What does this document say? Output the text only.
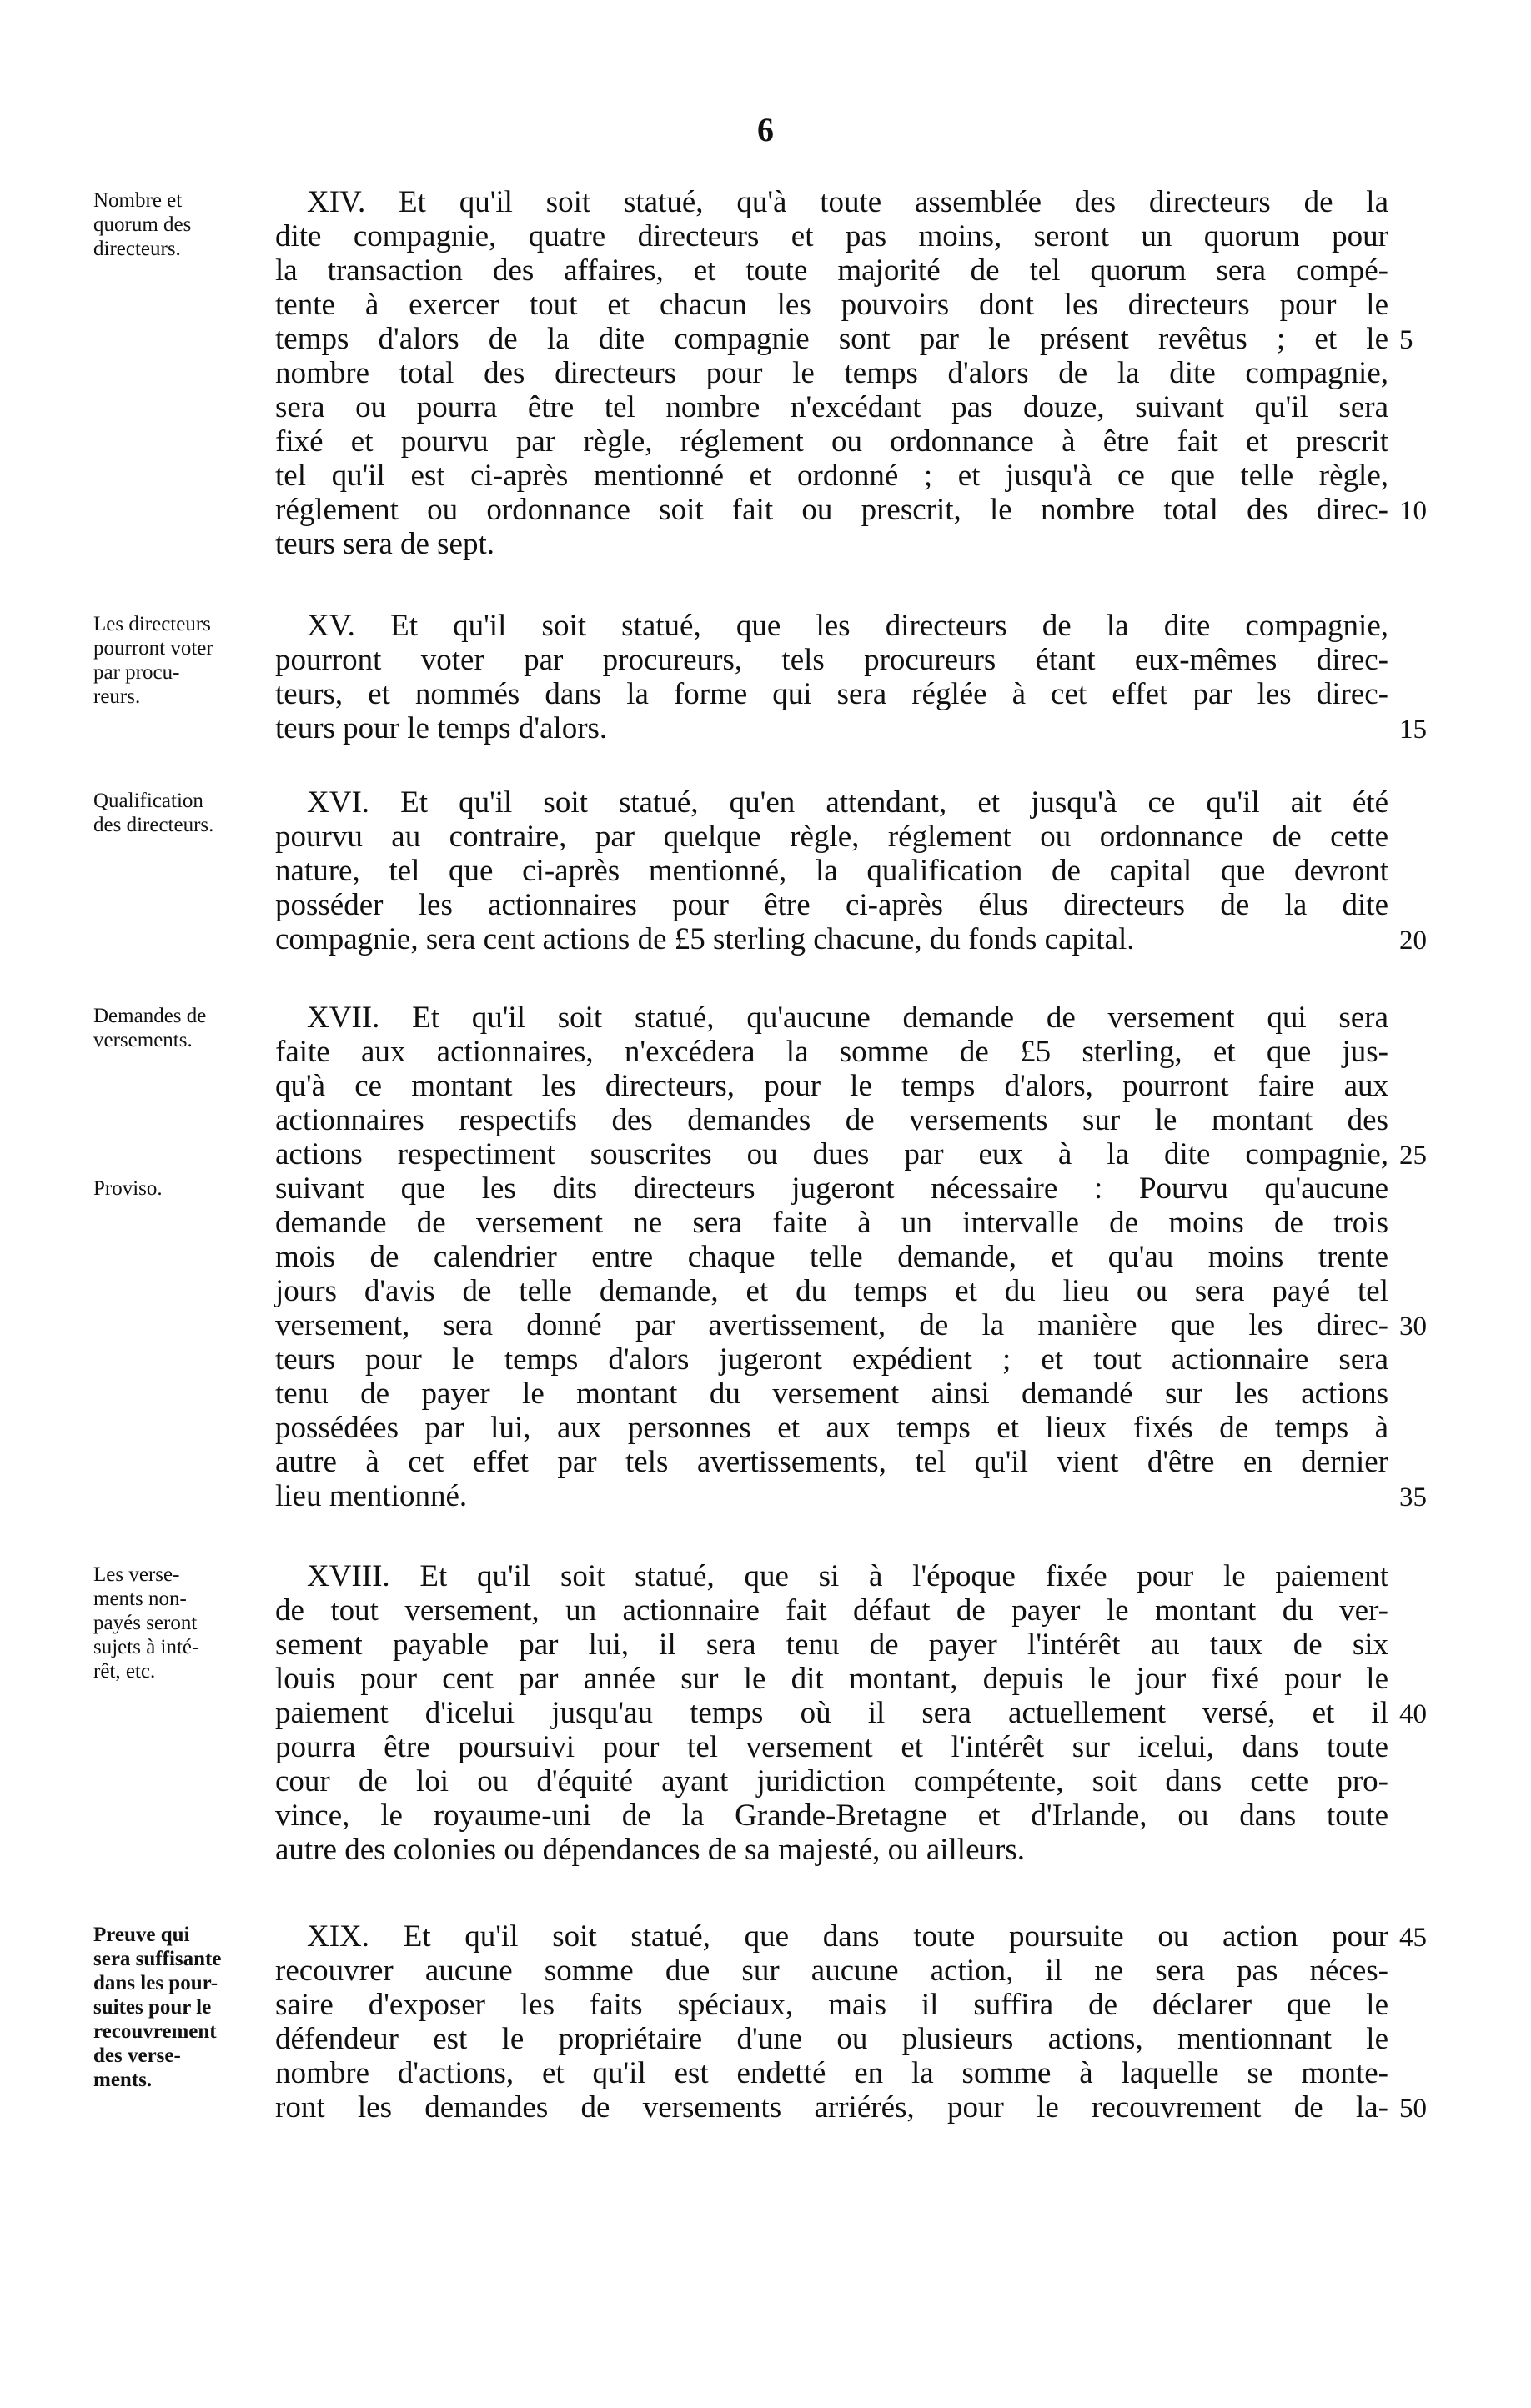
6
Nombre et
quorum des
directeurs.
XIV. Et qu'il soit statué, qu'à toute assemblée des directeurs de la
dite compagnie, quatre directeurs et pas moins, seront un quorum pour
la transaction des affaires, et toute majorité de tel quorum sera compé-
tente à exercer tout et chacun les pouvoirs dont les directeurs pour le
temps d'alors de la dite compagnie sont par le présent revêtus ; et le
nombre total des directeurs pour le temps d'alors de la dite compagnie,
sera ou pourra être tel nombre n'excédant pas douze, suivant qu'il sera
fixé et pourvu par règle, réglement ou ordonnance à être fait et prescrit
tel qu'il est ci-après mentionné et ordonné ; et jusqu'à ce que telle règle,
réglement ou ordonnance soit fait ou prescrit, le nombre total des direc-
teurs sera de sept.
5
10
Les directeurs
pourront voter
par procu-
reurs.
XV. Et qu'il soit statué, que les directeurs de la dite compagnie,
pourront voter par procureurs, tels procureurs étant eux-mêmes direc-
teurs, et nommés dans la forme qui sera réglée à cet effet par les direc-
teurs pour le temps d'alors.	15
Qualification
des directeurs.
XVI. Et qu'il soit statué, qu'en attendant, et jusqu'à ce qu'il ait été
pourvu au contraire, par quelque règle, réglement ou ordonnance de cette
nature, tel que ci-après mentionné, la qualification de capital que devront
posséder les actionnaires pour être ci-après élus directeurs de la dite
compagnie, sera cent actions de £5 sterling chacune, du fonds capital.	20
Demandes de
versements.
Proviso.
XVII. Et qu'il soit statué, qu'aucune demande de versement qui sera
faite aux actionnaires, n'excédera la somme de £5 sterling, et que jus-
qu'à ce montant les directeurs, pour le temps d'alors, pourront faire aux
actionnaires respectifs des demandes de versements sur le montant des
actions respectiment souscrites ou dues par eux à la dite compagnie,
suivant que les dits directeurs jugeront nécessaire : Pourvu qu'aucune
demande de versement ne sera faite à un intervalle de moins de trois
mois de calendrier entre chaque telle demande, et qu'au moins trente
jours d'avis de telle demande, et du temps et du lieu ou sera payé tel
versement, sera donné par avertissement, de la manière que les direc-
teurs pour le temps d'alors jugeront expédient ; et tout actionnaire sera
tenu de payer le montant du versement ainsi demandé sur les actions
possédées par lui, aux personnes et aux temps et lieux fixés de temps à
autre à cet effet par tels avertissements, tel qu'il vient d'être en dernier
lieu mentionné.
25
30
35
Les verse-
ments non-
payés seront
sujets à inté-
rêt, etc.
XVIII. Et qu'il soit statué, que si à l'époque fixée pour le paiement
de tout versement, un actionnaire fait défaut de payer le montant du ver-
sement payable par lui, il sera tenu de payer l'intérêt au taux de six
louis pour cent par année sur le dit montant, depuis le jour fixé pour le
paiement d'icelui jusqu'au temps où il sera actuellement versé, et il
pourra être poursuivi pour tel versement et l'intérêt sur icelui, dans toute
cour de loi ou d'équité ayant juridiction compétente, soit dans cette pro-
vince, le royaume-uni de la Grande-Bretagne et d'Irlande, ou dans toute
autre des colonies ou dépendances de sa majesté, ou ailleurs.
40
Preuve qui
sera suffisante
dans les pour-
suites pour le
recouvrement
des verse-
ments.
XIX. Et qu'il soit statué, que dans toute poursuite ou action pour
recouvrer aucune somme due sur aucune action, il ne sera pas néces-
saire d'exposer les faits spéciaux, mais il suffira de déclarer que le
défendeur est le propriétaire d'une ou plusieurs actions, mentionnant le
nombre d'actions, et qu'il est endetté en la somme à laquelle se monte-
ront les demandes de versements arriérés, pour le recouvrement de la-
45
50
